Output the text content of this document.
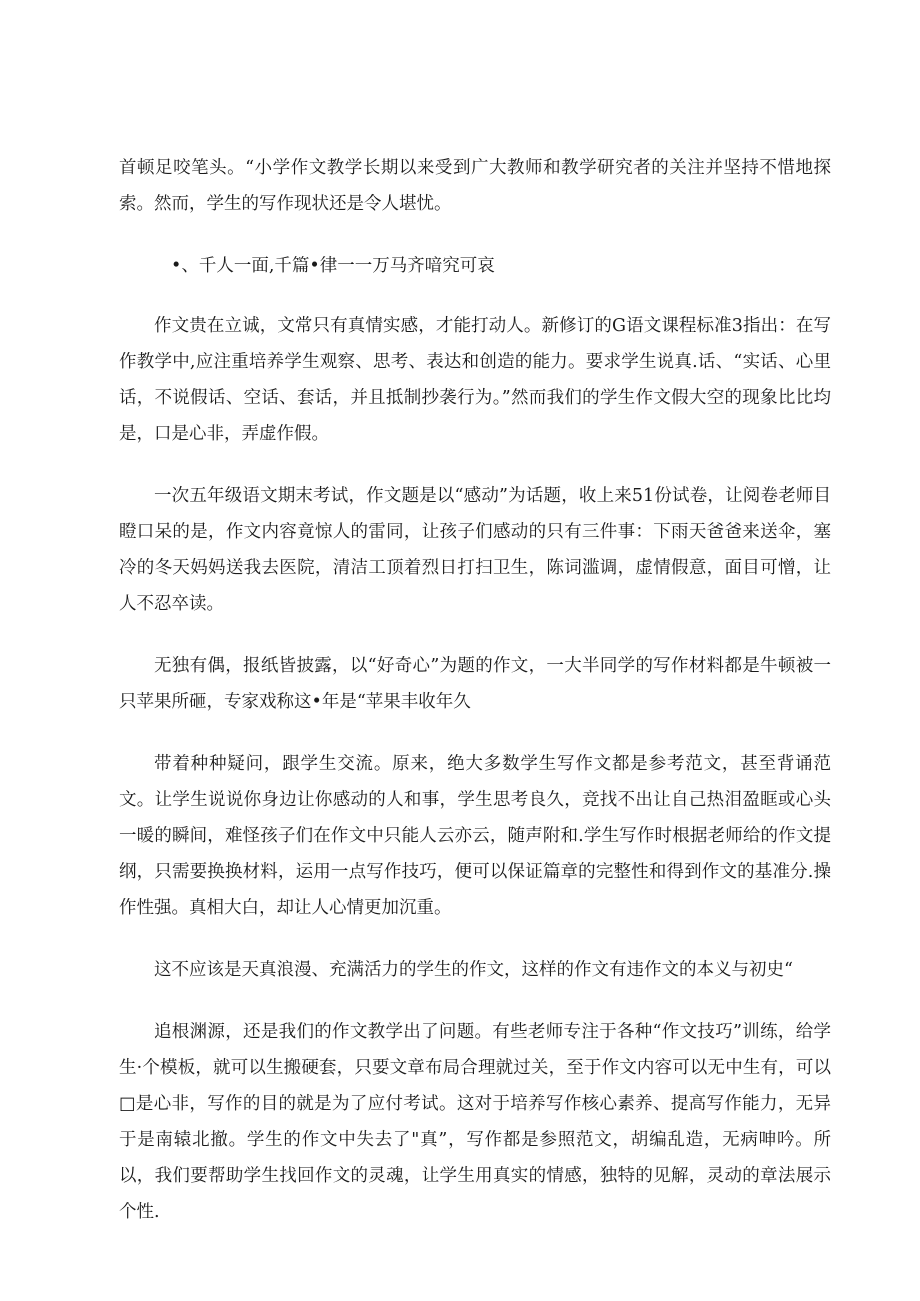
首顿足咬笔头。“小学作文教学长期以来受到广大教师和教学研究者的关注并坚持不惜地探索。然而，学生的写作现状还是令人堪忧。

•、千人一面,千篇•律一一万马齐喑究可哀

作文贵在立诚，文常只有真情实感，才能打动人。新修订的G语文课程标准3指出：在写作教学中,应注重培养学生观察、思考、表达和创造的能力。要求学生说真.话、“实话、心里话，不说假话、空话、套话，并且抵制抄袭行为。”然而我们的学生作文假大空的现象比比均是，口是心非，弄虚作假。

一次五年级语文期末考试，作文题是以“感动”为话题，收上来51份试卷，让阅卷老师目瞪口呆的是，作文内容竟惊人的雷同，让孩子们感动的只有三件事：下雨天爸爸来送伞，塞冷的冬天妈妈送我去医院，清洁工顶着烈日打扫卫生，陈词滥调，虚情假意，面目可憎，让人不忍卒读。

无独有偶，报纸皆披露，以“好奇心”为题的作文，一大半同学的写作材料都是牛顿被一只苹果所砸，专家戏称这•年是“苹果丰收年久

带着种种疑问，跟学生交流。原来，绝大多数学生写作文都是参考范文，甚至背诵范文。让学生说说你身边让你感动的人和事，学生思考良久，竞找不出让自己热泪盈眶或心头一暖的瞬间，难怪孩子们在作文中只能人云亦云，随声附和.学生写作时根据老师给的作文提纲，只需要换换材料，运用一点写作技巧，便可以保证篇章的完整性和得到作文的基准分.操作性强。真相大白，却让人心情更加沉重。

这不应该是天真浪漫、充满活力的学生的作文，这样的作文有违作文的本义与初史“

追根渊源，还是我们的作文教学出了问题。有些老师专注于各种“作文技巧”训练，给学生·个模板，就可以生搬硬套，只要文章布局合理就过关，至于作文内容可以无中生有，可以□是心非，写作的目的就是为了应付考试。这对于培养写作核心素养、提高写作能力，无异于是南辕北撤。学生的作文中失去了"真”，写作都是参照范文，胡编乱造，无病呻吟。所以，我们要帮助学生找回作文的灵魂，让学生用真实的情感，独特的见解，灵动的章法展示个性.
